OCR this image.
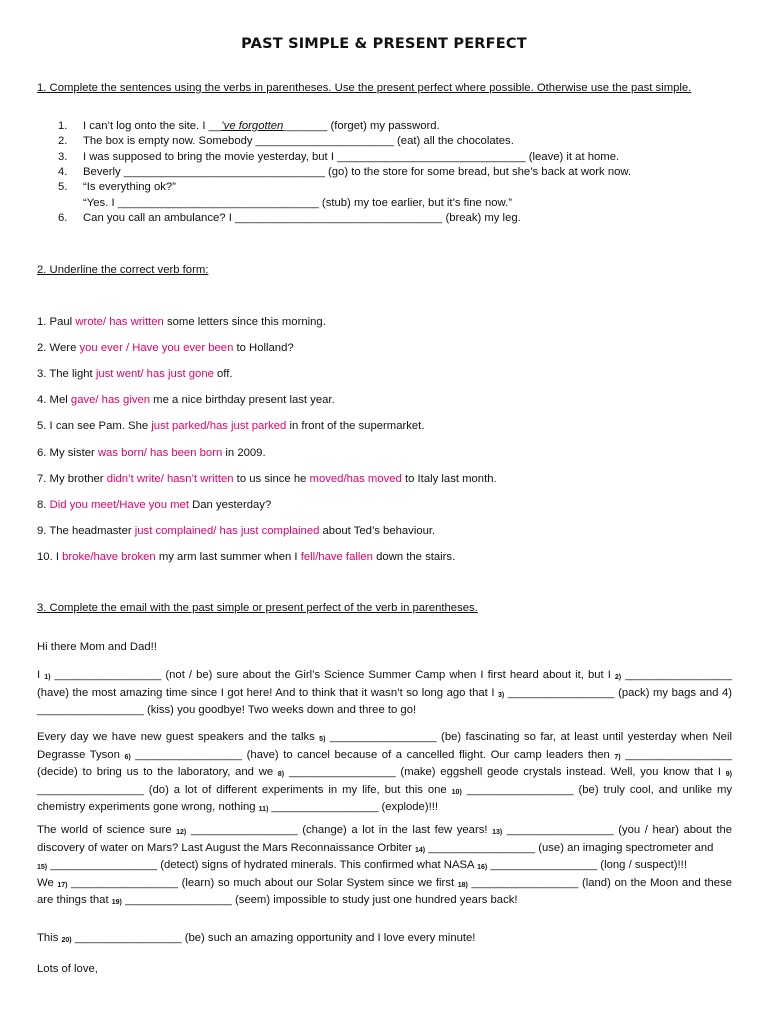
PAST SIMPLE & PRESENT PERFECT
1. Complete the sentences using the verbs in parentheses. Use the present perfect where possible. Otherwise use the past simple.
1. I can’t log onto the site. I __’ve forgotten_______ (forget) my password.
2. The box is empty now. Somebody ______________________ (eat) all the chocolates.
3. I was supposed to bring the movie yesterday, but I ______________________________ (leave) it at home.
4. Beverly ________________________________ (go) to the store for some bread, but she’s back at work now.
5. “Is everything ok?”
“Yes. I ________________________________ (stub) my toe earlier, but it’s fine now.”
6. Can you call an ambulance? I _________________________________ (break) my leg.
2. Underline the correct verb form:
1. Paul wrote/ has written some letters since this morning.
2. Were you ever / Have you ever been to Holland?
3. The light just went/ has just gone off.
4. Mel gave/ has given me a nice birthday present last year.
5. I can see Pam. She just parked/has just parked in front of the supermarket.
6. My sister was born/ has been born in 2009.
7. My brother didn’t write/ hasn’t written to us since he moved/has moved to Italy last month.
8. Did you meet/Have you met Dan yesterday?
9. The headmaster just complained/ has just complained about Ted’s behaviour.
10. I broke/have broken my arm last summer when I fell/have fallen down the stairs.
3. Complete the email with the past simple or present perfect of the verb in parentheses.
Hi there Mom and Dad!!
I 1) _________________ (not / be) sure about the Girl’s Science Summer Camp when I first heard about it, but I 2) _________________ (have) the most amazing time since I got here! And to think that it wasn’t so long ago that I 3) _________________ (pack) my bags and 4) _________________ (kiss) you goodbye! Two weeks down and three to go!
Every day we have new guest speakers and the talks 5) _________________ (be) fascinating so far, at least until yesterday when Neil Degrasse Tyson 6) _________________ (have) to cancel because of a cancelled flight. Our camp leaders then 7) _________________ (decide) to bring us to the laboratory, and we 8) _________________ (make) eggshell geode crystals instead. Well, you know that I 9) _________________ (do) a lot of different experiments in my life, but this one 10) _________________ (be) truly cool, and unlike my chemistry experiments gone wrong, nothing 11) _________________ (explode)!!!
The world of science sure 12) _________________ (change) a lot in the last few years! 13) _________________ (you / hear) about the discovery of water on Mars? Last August the Mars Reconnaissance Orbiter 14) _________________ (use) an imaging spectrometer and
15) _________________ (detect) signs of hydrated minerals. This confirmed what NASA 16) _________________ (long / suspect)!!!
We 17) _________________ (learn) so much about our Solar System since we first 18) _________________ (land) on the Moon and these are things that 19) _________________ (seem) impossible to study just one hundred years back!
This 20) _________________ (be) such an amazing opportunity and I love every minute!
Lots of love,
